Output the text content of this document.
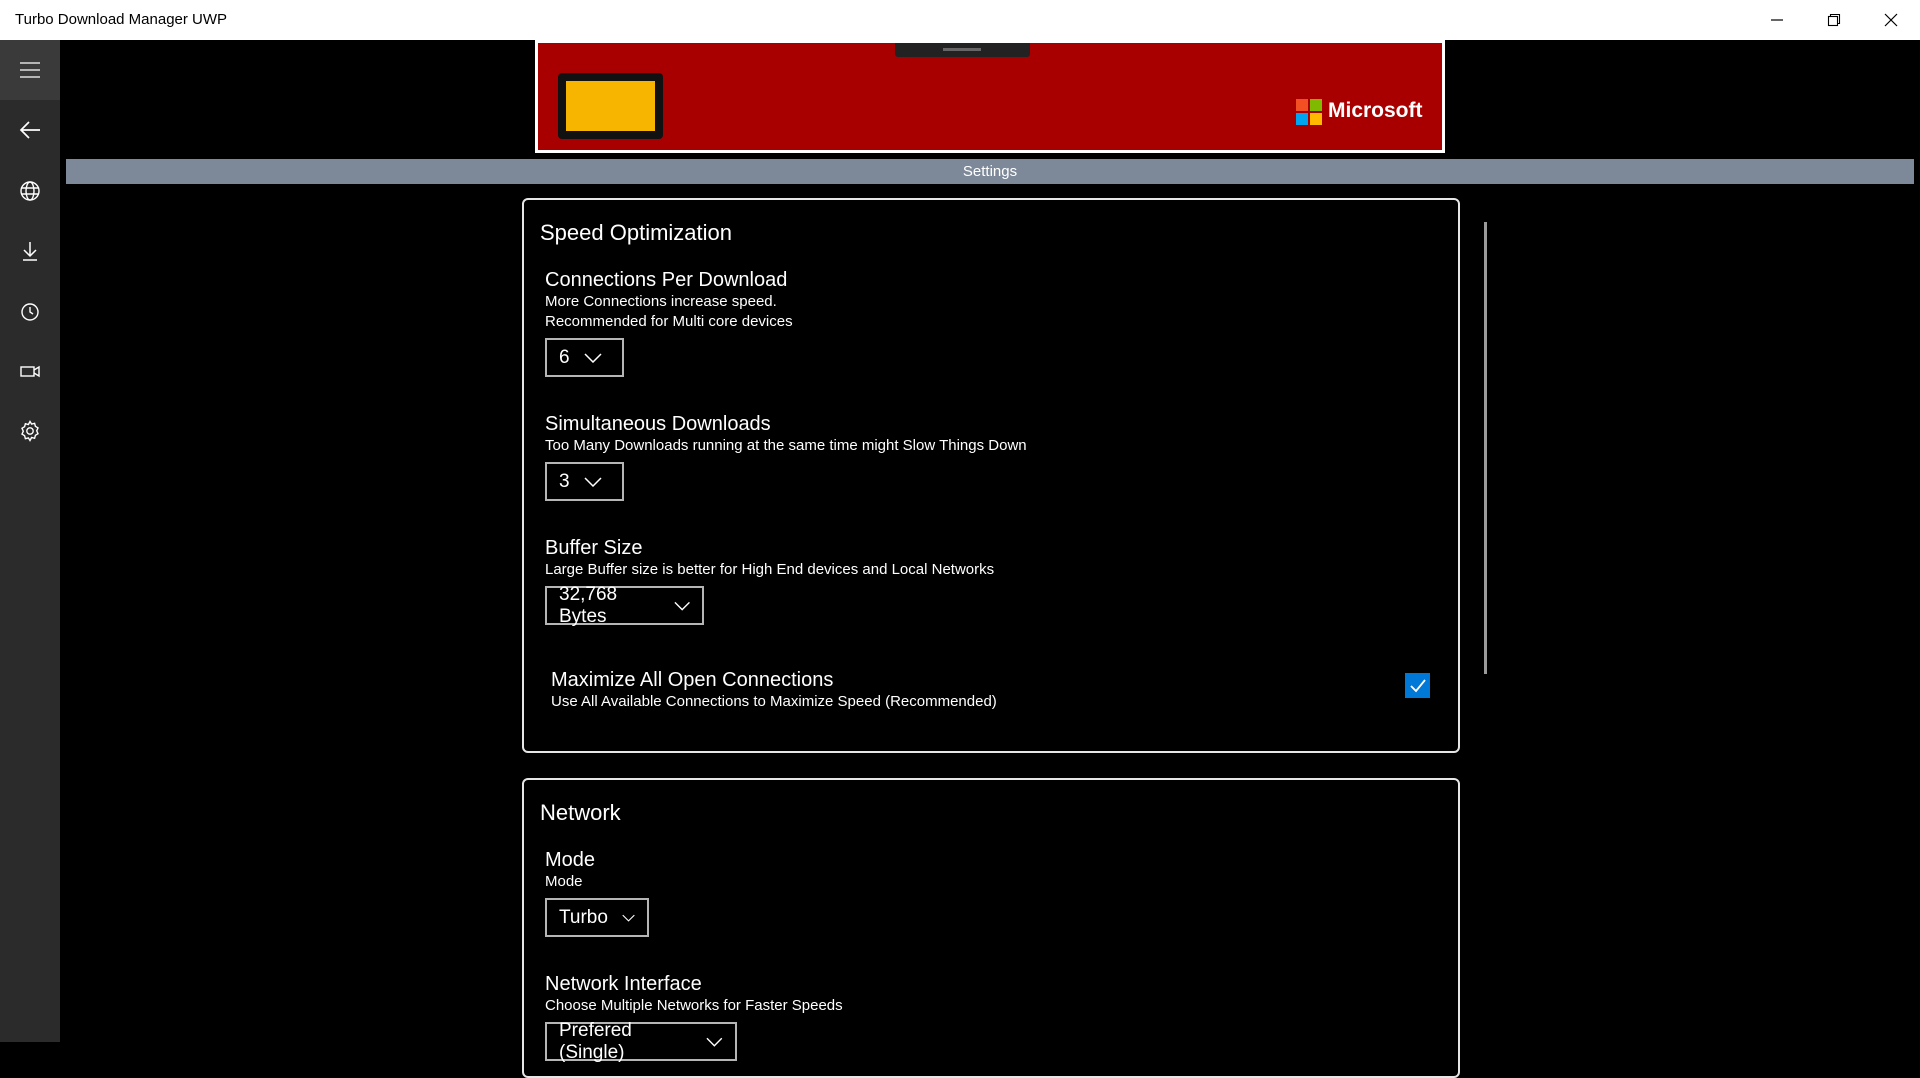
Turbo Download Manager UWP
Microsoft
Settings
Speed Optimization
Connections Per Download
More Connections increase speed.
Recommended for Multi core devices
6
Simultaneous Downloads
Too Many Downloads running at the same time might Slow Things Down
3
Buffer Size
Large Buffer size is better for High End devices and Local Networks
32,768 Bytes
Maximize All Open Connections
Use All Available Connections to Maximize Speed (Recommended)
Network
Mode
Mode
Turbo
Network Interface
Choose Multiple Networks for Faster Speeds
Prefered (Single)
